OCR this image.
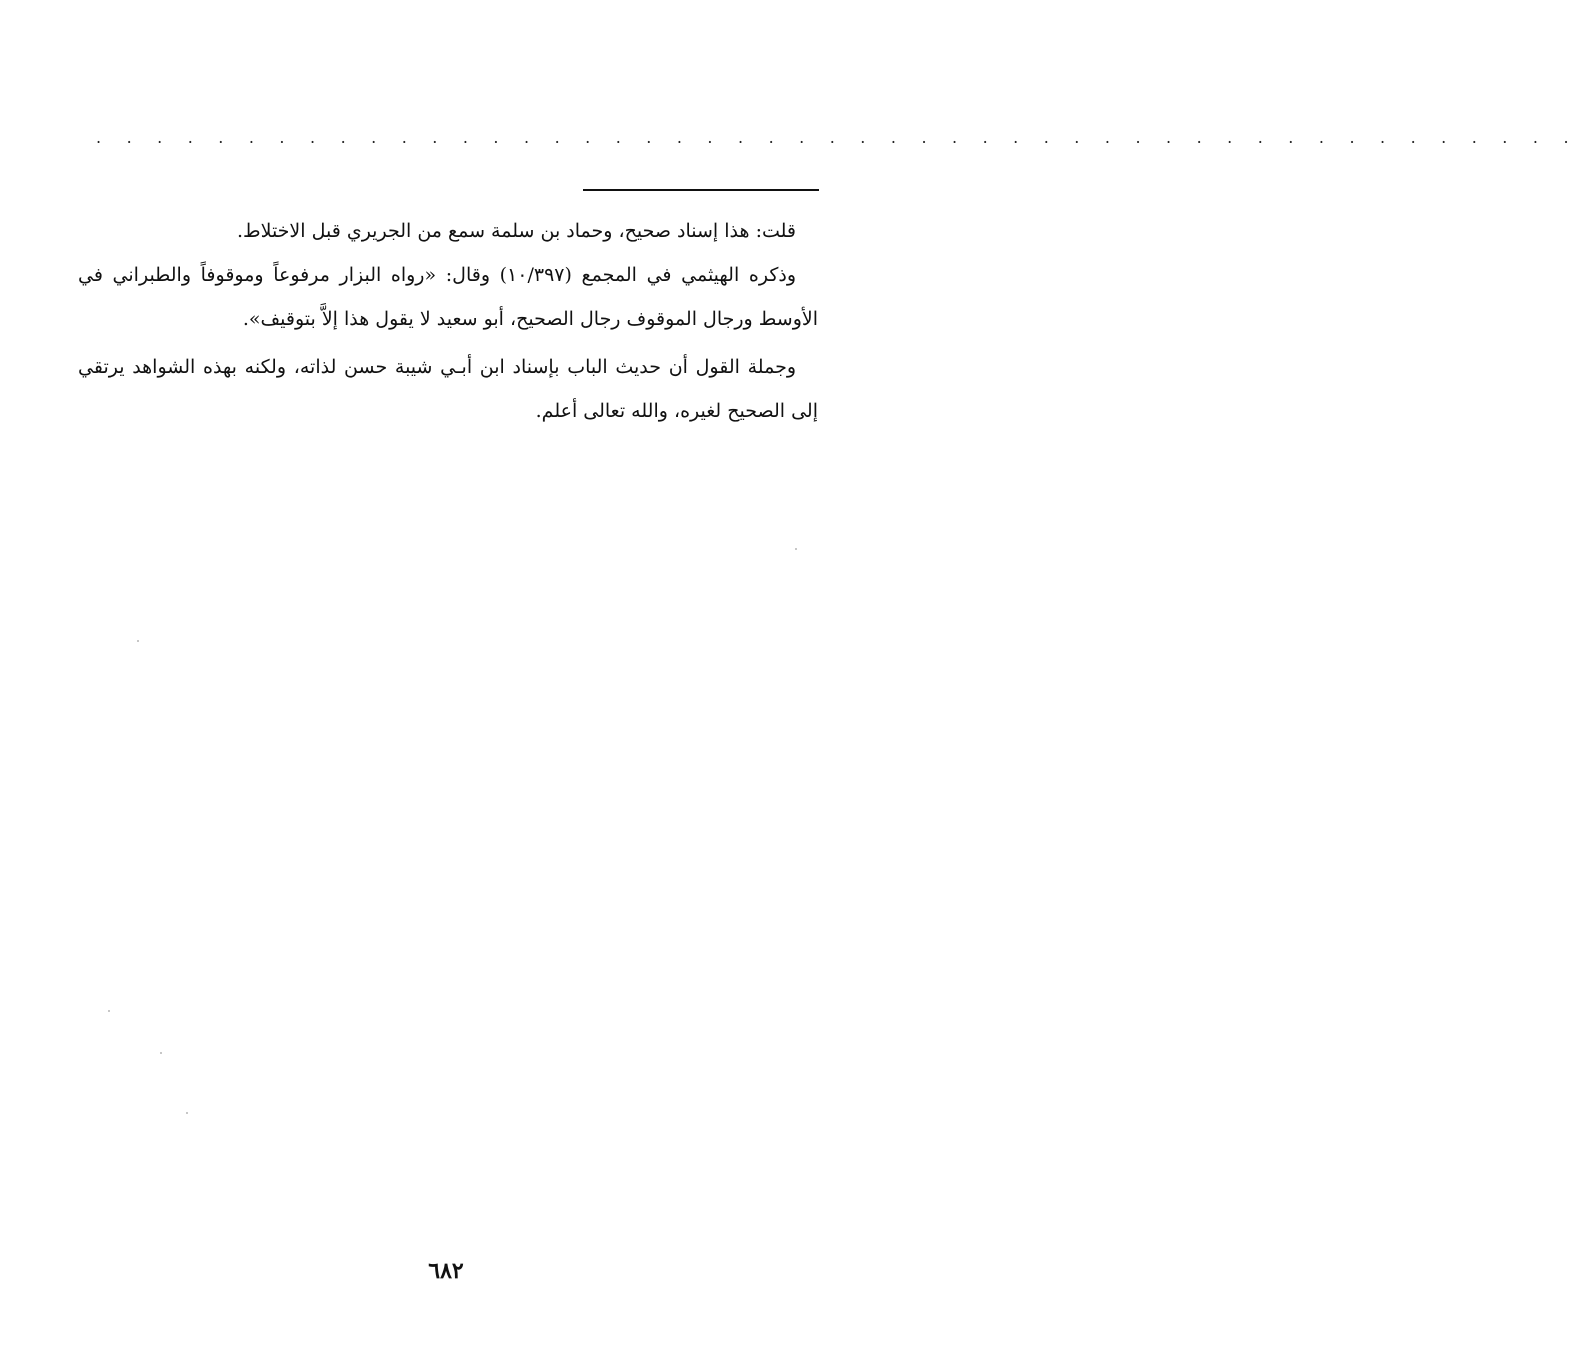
. . . . . . . . . . . . . . . . . . . . . . . . . . . . . . . . . . . . . . . . . . . . . . . . .

قلت: هذا إسناد صحيح، وحماد بن سلمة سمع من الجريري قبل الاختلاط.

وذكره الهيثمي في المجمع (١٠/٣٩٧) وقال: «رواه البزار مرفوعاً وموقوفاً والطبراني في الأوسط ورجال الموقوف رجال الصحيح، أبو سعيد لا يقول هذا إلاَّ بتوقيف».

وجملة القول أن حديث الباب بإسناد ابن أبـي شيبة حسن لذاته، ولكنه بهذه الشواهد يرتقي إلى الصحيح لغيره، والله تعالى أعلم.

٦٨٢
